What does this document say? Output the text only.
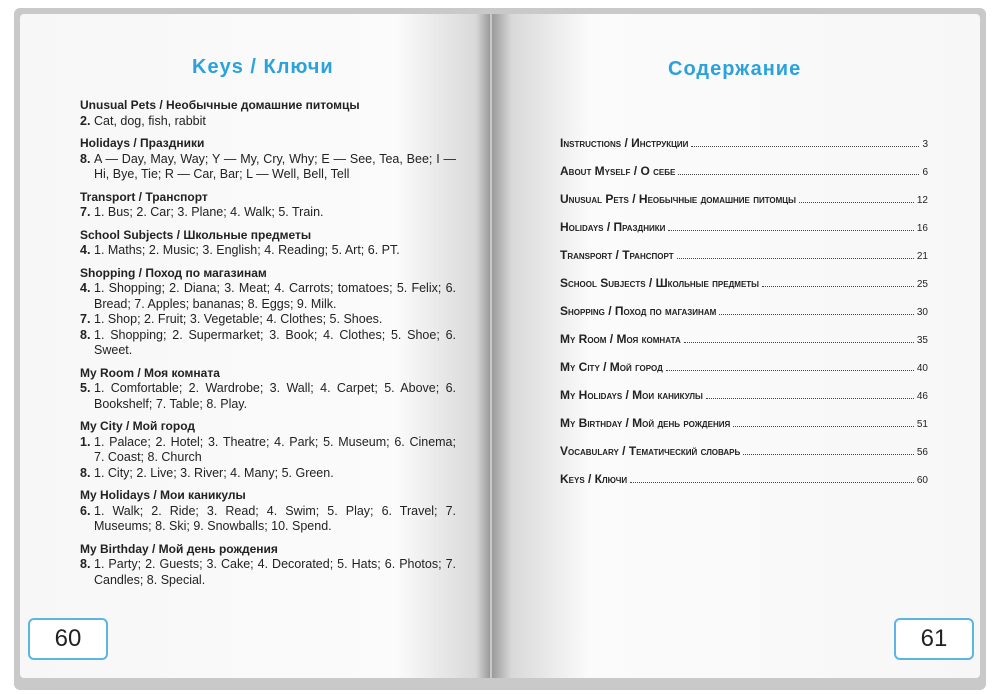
Keys / Ключи
Unusual Pets / Необычные домашние питомцы
2. Cat, dog, fish, rabbit
Holidays / Праздники
8. A — Day, May, Way; Y — My, Cry, Why; E — See, Tea, Bee; I — Hi, Bye, Tie; R — Car, Bar; L — Well, Bell, Tell
Transport / Транспорт
7. 1. Bus; 2. Car; 3. Plane; 4. Walk; 5. Train.
School Subjects / Школьные предметы
4. 1. Maths; 2. Music; 3. English; 4. Reading; 5. Art; 6. PT.
Shopping / Поход по магазинам
4. 1. Shopping; 2. Diana; 3. Meat; 4. Carrots; tomatoes; 5. Felix; 6. Bread; 7. Apples; bananas; 8. Eggs; 9. Milk.
7. 1. Shop; 2. Fruit; 3. Vegetable; 4. Clothes; 5. Shoes.
8. 1. Shopping; 2. Supermarket; 3. Book; 4. Clothes; 5. Shoe; 6. Sweet.
My Room / Моя комната
5. 1. Comfortable; 2. Wardrobe; 3. Wall; 4. Carpet; 5. Above; 6. Bookshelf; 7. Table; 8. Play.
My City / Мой город
1. 1. Palace; 2. Hotel; 3. Theatre; 4. Park; 5. Museum; 6. Cinema; 7. Coast; 8. Church
8. 1. City; 2. Live; 3. River; 4. Many; 5. Green.
My Holidays / Мои каникулы
6. 1. Walk; 2. Ride; 3. Read; 4. Swim; 5. Play; 6. Travel; 7. Museums; 8. Ski; 9. Snowballs; 10. Spend.
My Birthday / Мой день рождения
8. 1. Party; 2. Guests; 3. Cake; 4. Decorated; 5. Hats; 6. Photos; 7. Candles; 8. Special.
60
Содержание
Instructions / Инструкции	3
About Myself / О себе	6
Unusual Pets / Необычные домашние питомцы	12
Holidays / Праздники	16
Transport / Транспорт	21
School Subjects / Школьные предметы	25
Shopping / Поход по магазинам	30
My Room / Моя комната	35
My City / Мой город	40
My Holidays / Мои каникулы	46
My Birthday / Мой день рождения	51
Vocabulary / Тематический словарь	56
Keys / Ключи	60
61
